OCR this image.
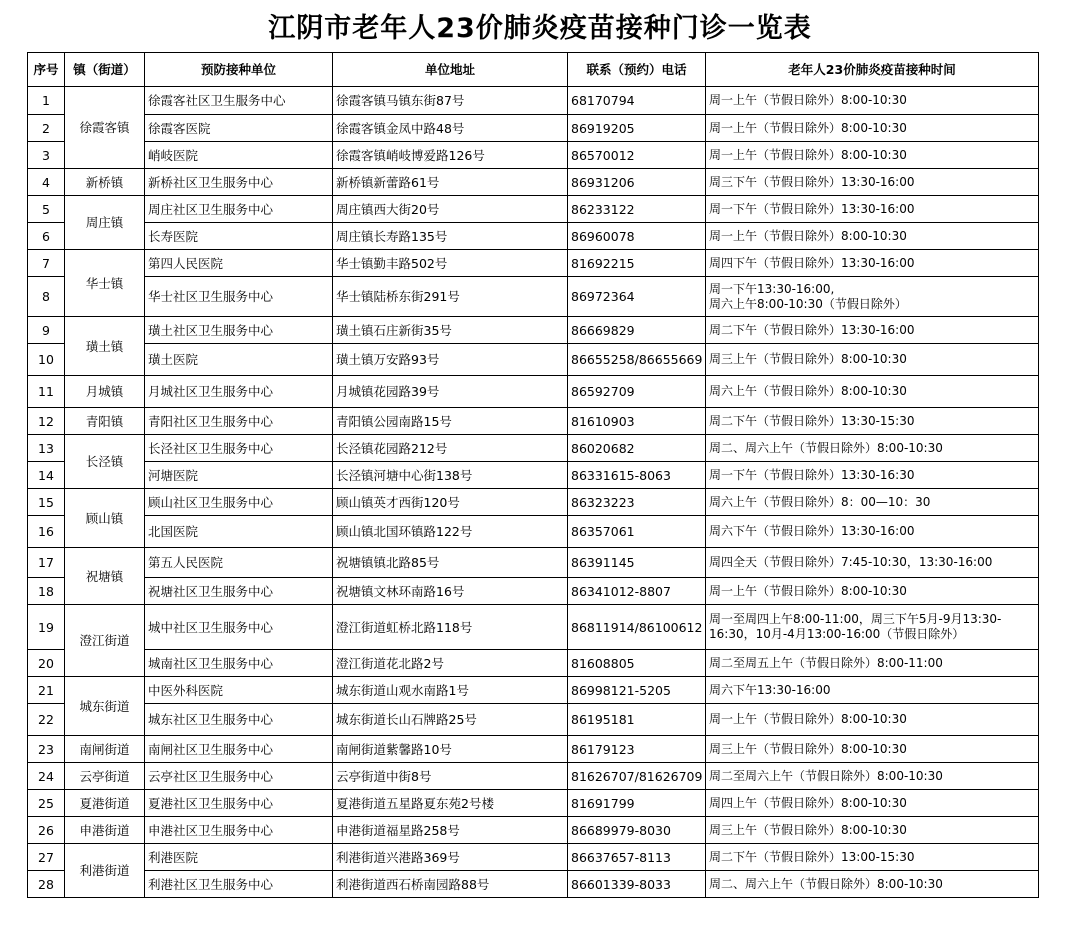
江阴市老年人23价肺炎疫苗接种门诊一览表
序号	镇（街道）	预防接种单位	单位地址	联系（预约）电话	老年人23价肺炎疫苗接种时间
1	徐霞客镇	徐霞客社区卫生服务中心	徐霞客镇马镇东街87号	68170794	周一上午（节假日除外）8:00-10:30
2		徐霞客医院	徐霞客镇金凤中路48号	86919205	周一上午（节假日除外）8:00-10:30
3		峭岐医院	徐霞客镇峭岐博爱路126号	86570012	周一上午（节假日除外）8:00-10:30
4	新桥镇	新桥社区卫生服务中心	新桥镇新蕾路61号	86931206	周三下午（节假日除外）13:30-16:00
5	周庄镇	周庄社区卫生服务中心	周庄镇西大街20号	86233122	周一下午（节假日除外）13:30-16:00
6		长寿医院	周庄镇长寿路135号	86960078	周一上午（节假日除外）8:00-10:30
7	华士镇	第四人民医院	华士镇勤丰路502号	81692215	周四下午（节假日除外）13:30-16:00
8		华士社区卫生服务中心	华士镇陆桥东街291号	86972364	周一下午13:30-16:00,
周六上午8:00-10:30（节假日除外）

9	璜土镇	璜土社区卫生服务中心	璜土镇石庄新街35号	86669829	周二下午（节假日除外）13:30-16:00
10		璜土医院	璜土镇万安路93号	86655258/86655669	周三上午（节假日除外）8:00-10:30
11	月城镇	月城社区卫生服务中心	月城镇花园路39号	86592709	周六上午（节假日除外）8:00-10:30
12	青阳镇	青阳社区卫生服务中心	青阳镇公园南路15号	81610903	周二下午（节假日除外）13:30-15:30
13	长泾镇	长泾社区卫生服务中心	长泾镇花园路212号	86020682	周二、周六上午（节假日除外）8:00-10:30
14		河塘医院	长泾镇河塘中心街138号	86331615-8063	周一下午（节假日除外）13:30-16:30
15	顾山镇	顾山社区卫生服务中心	顾山镇英才西街120号	86323223	周六上午（节假日除外）8：00—10：30
16		北国医院	顾山镇北国环镇路122号	86357061	周六下午（节假日除外）13:30-16:00
17	祝塘镇	第五人民医院	祝塘镇镇北路85号	86391145	周四全天（节假日除外）7:45-10:30，13:30-16:00
18		祝塘社区卫生服务中心	祝塘镇文林环南路16号	86341012-8807	周一上午（节假日除外）8:00-10:30
19	澄江街道	城中社区卫生服务中心	澄江街道虹桥北路118号	86811914/86100612	周一至周四上午8:00-11:00，周三下午5月-9月13:30-
16:30，10月-4月13:00-16:00（节假日除外）

20		城南社区卫生服务中心	澄江街道花北路2号	81608805	周二至周五上午（节假日除外）8:00-11:00
21	城东街道	中医外科医院	城东街道山观水南路1号	86998121-5205	周六下午13:30-16:00
22		城东社区卫生服务中心	城东街道长山石牌路25号	86195181	周一上午（节假日除外）8:00-10:30
23	南闸街道	南闸社区卫生服务中心	南闸街道紫馨路10号	86179123	周三上午（节假日除外）8:00-10:30
24	云亭街道	云亭社区卫生服务中心	云亭街道中街8号	81626707/81626709	周二至周六上午（节假日除外）8:00-10:30
25	夏港街道	夏港社区卫生服务中心	夏港街道五星路夏东苑2号楼	81691799	周四上午（节假日除外）8:00-10:30
26	申港街道	申港社区卫生服务中心	申港街道福星路258号	86689979-8030	周三上午（节假日除外）8:00-10:30
27	利港街道	利港医院	利港街道兴港路369号	86637657-8113	周二下午（节假日除外）13:00-15:30
28		利港社区卫生服务中心	利港街道西石桥南园路88号	86601339-8033	周二、周六上午（节假日除外）8:00-10:30
